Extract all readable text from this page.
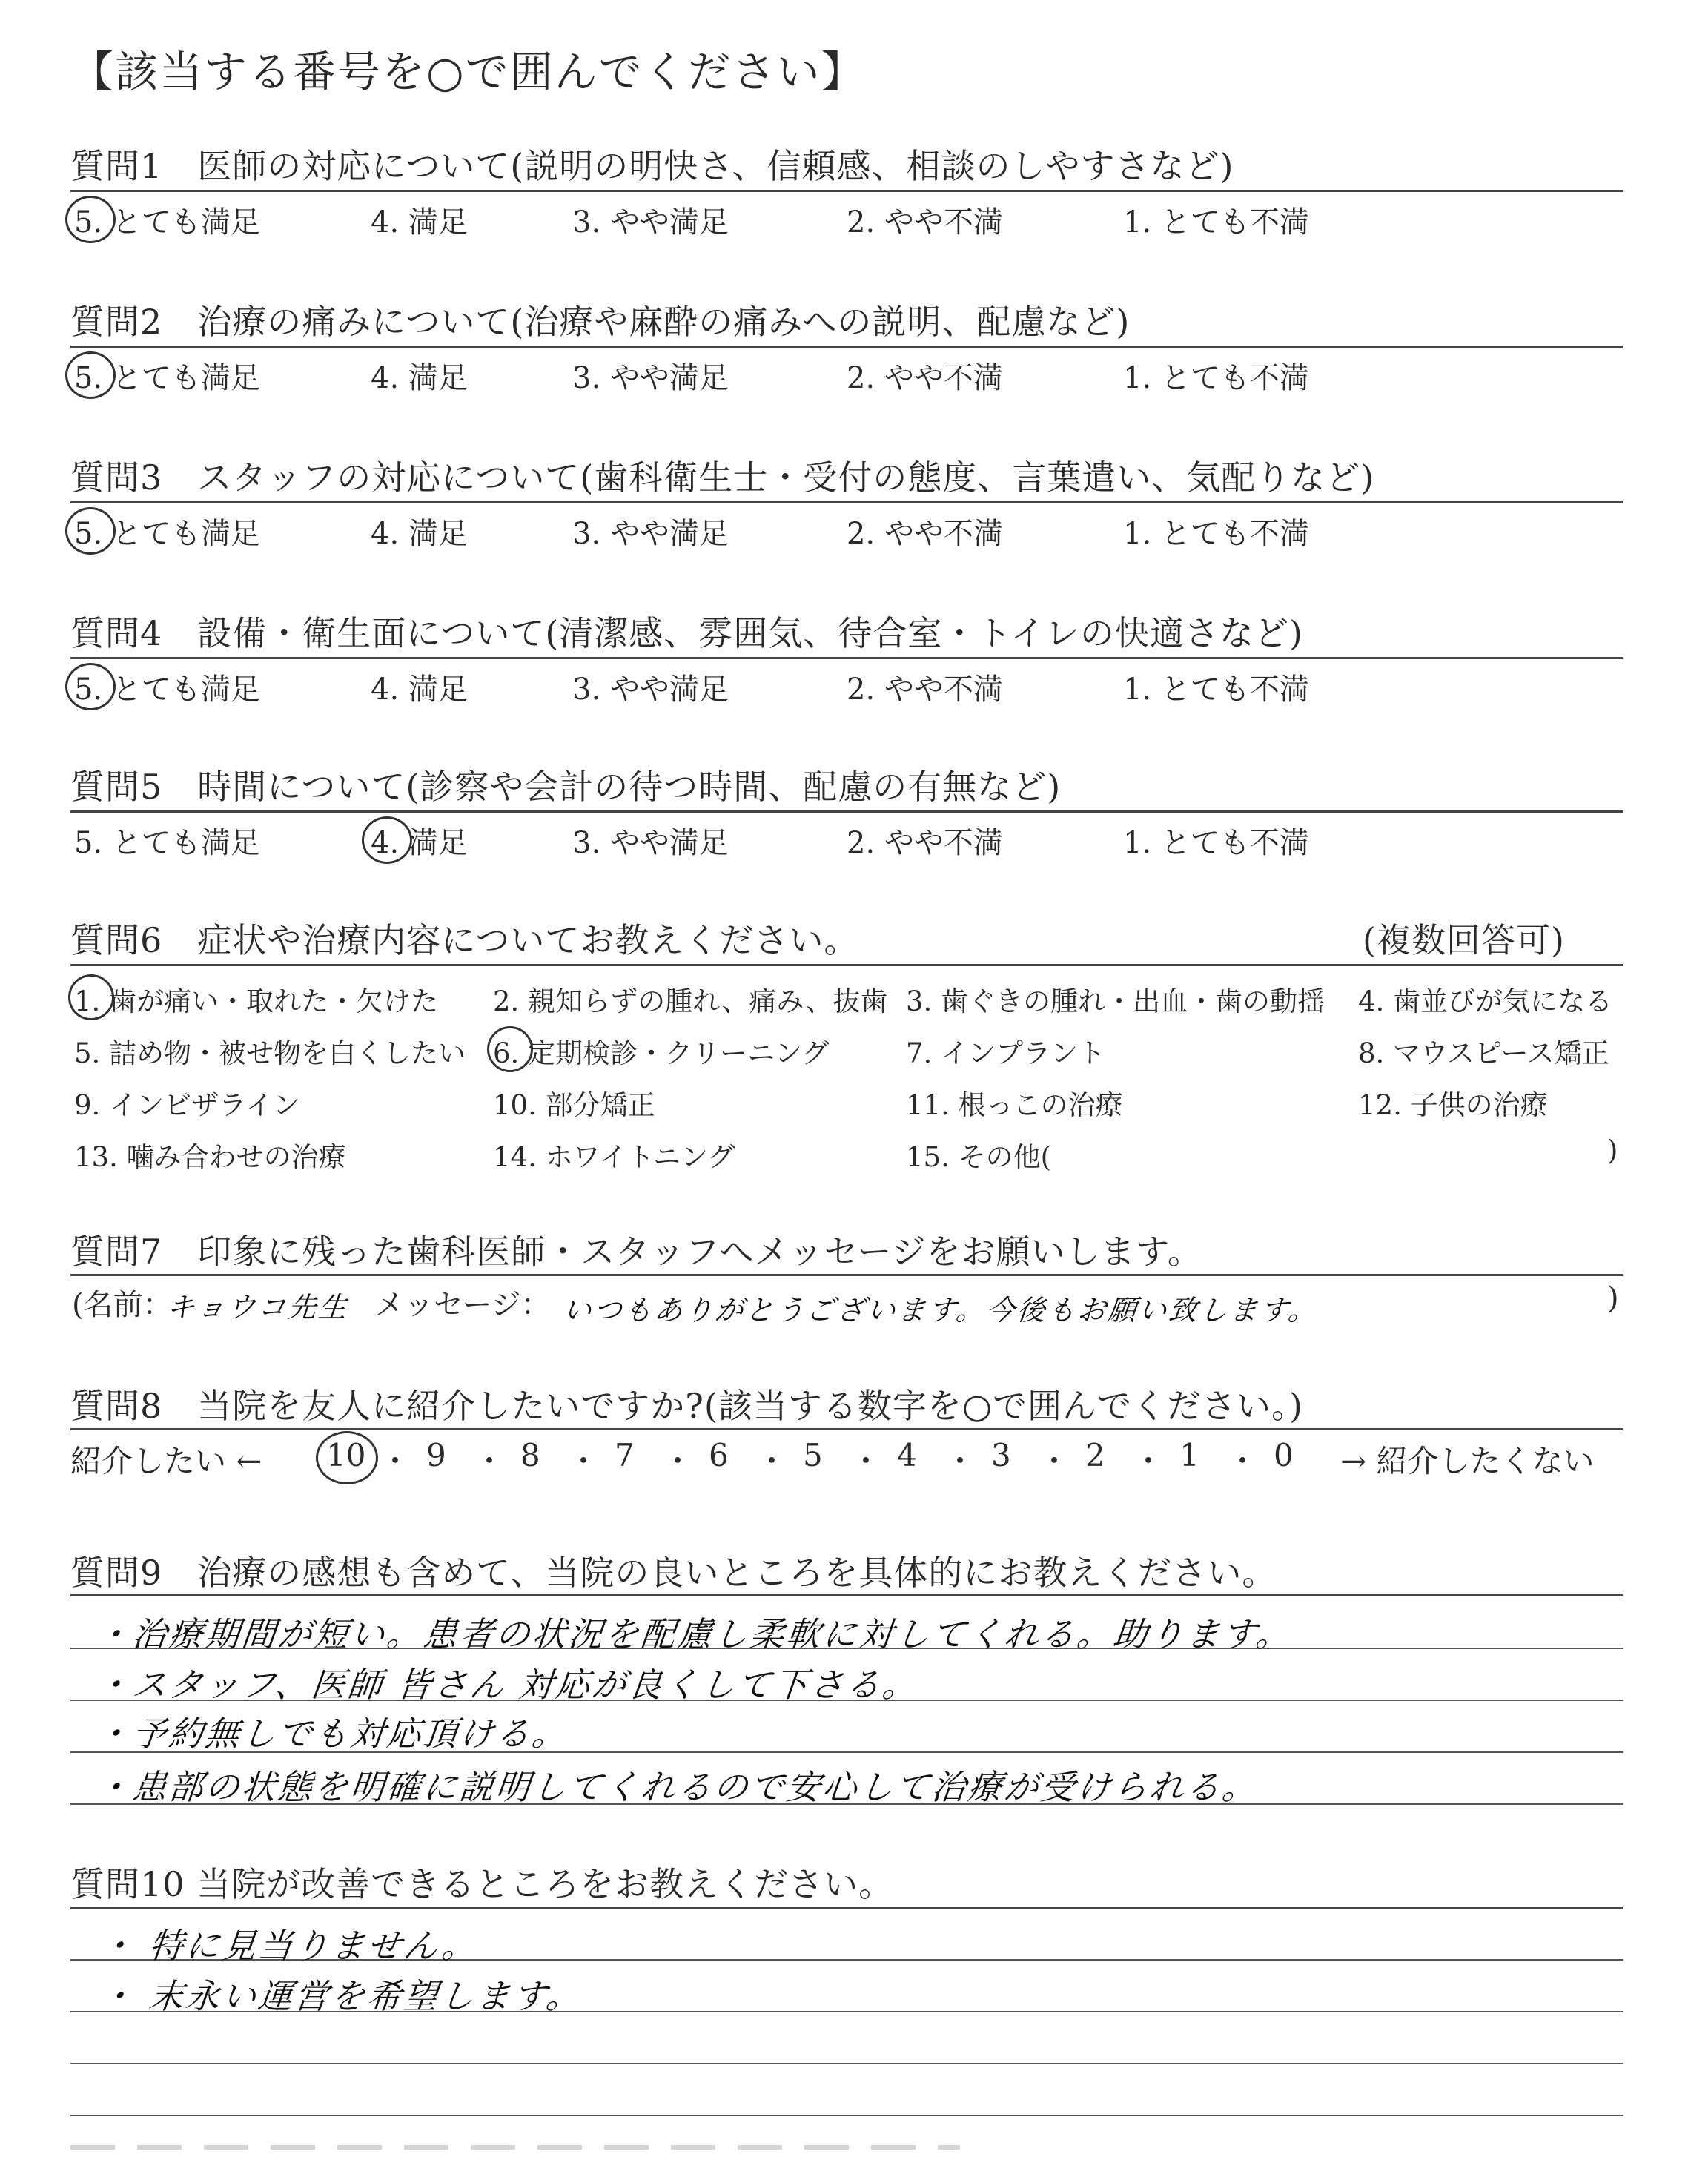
【該当する番号を○で囲んでください】
質問1　医師の対応について(説明の明快さ、信頼感、相談のしやすさなど)
5. とても満足	4. 満足	3. やや満足	2. やや不満	1. とても不満
質問2　治療の痛みについて(治療や麻酔の痛みへの説明、配慮など)
5. とても満足	4. 満足	3. やや満足	2. やや不満	1. とても不満
質問3　スタッフの対応について(歯科衛生士・受付の態度、言葉遣い、気配りなど)
5. とても満足	4. 満足	3. やや満足	2. やや不満	1. とても不満
質問4　設備・衛生面について(清潔感、雰囲気、待合室・トイレの快適さなど)
5. とても満足	4. 満足	3. やや満足	2. やや不満	1. とても不満
質問5　時間について(診察や会計の待つ時間、配慮の有無など)
5. とても満足	4. 満足	3. やや満足	2. やや不満	1. とても不満
質問6　症状や治療内容についてお教えください。	(複数回答可)
1. 歯が痛い・取れた・欠けた 2. 親知らずの腫れ、痛み、抜歯 3. 歯ぐきの腫れ・出血・歯の動揺 4. 歯並びが気になる
5. 詰め物・被せ物を白くしたい 6. 定期検診・クリーニング	7. インプラント	8. マウスピース矯正
9. インビザライン	10. 部分矯正	11. 根っこの治療	12. 子供の治療
13. 噛み合わせの治療	14. ホワイトニング	15. その他(	)
質問7　印象に残った歯科医師・スタッフへメッセージをお願いします。
(名前：
キョウコ先生 メッセージ： いつもありがとうございます。今後もお願い致します。	)
質問8　当院を友人に紹介したいですか?(該当する数字を○で囲んでください。)
紹介したい ← 10 ・ 9 ・ 8 ・ 7 ・ 6 ・ 5 ・ 4 ・ 3 ・ 2 ・ 1 ・ 0 → 紹介したくない
質問9　治療の感想も含めて、当院の良いところを具体的にお教えください。
・治療期間が短い。患者の状況を配慮し柔軟に対してくれる。助ります。
・スタッフ、医師 皆さん 対応が良くして下さる。
・予約無しでも対応頂ける。
・患部の状態を明確に説明してくれるので安心して治療が受けられる。
質問10 当院が改善できるところをお教えください。
・ 特に見当りません。
・ 末永い運営を希望します。
